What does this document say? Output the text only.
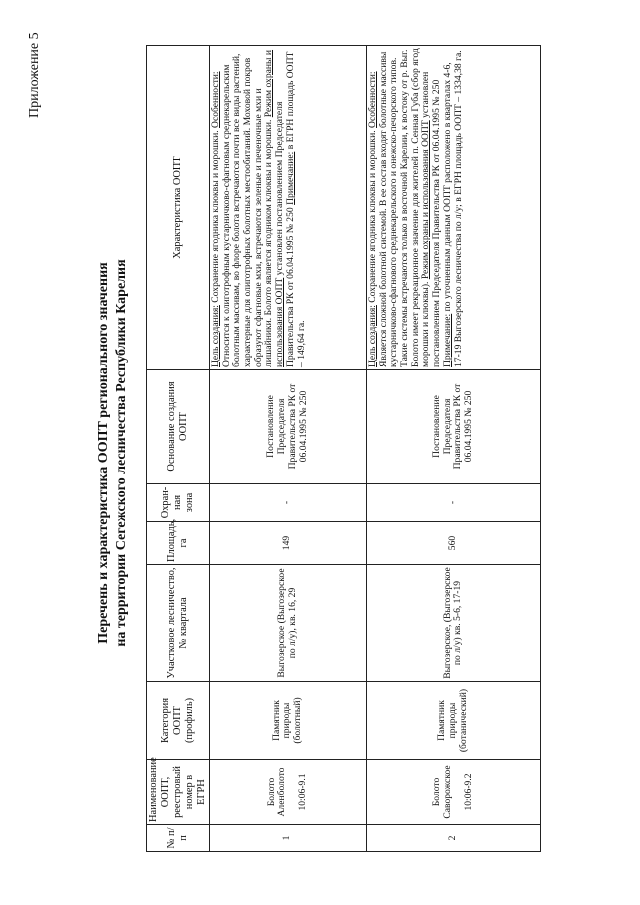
Приложение 5
Перечень и характеристика ООПТ регионального значения на территории Сегежского лесничества Республики Карелия
№ п/п	Наименование ООПТ, реестровый номер в ЕГРН	Категория ООПТ (профиль)	Участковое лесничество, № квартала	Площадь, га	Охран-ная зона	Основание создания ООПТ	Характеристика ООПТ
1	Болото Аленболото 10:06-9.1	Памятник природы (болотный)	Выгозерское (Выгозерское по л/у), кв. 16, 29	149	-	Постановление Председателя Правительства РК от 06.04.1995 № 250	Цель создания: Сохранение ягодника клюквы и морошки. Особенности: Относится к олиготрофным кустарничково-сфагновым среднекарельским болотным массивам, во флоре болота встречаются почти все виды растений, характерные для олиготрофных болотных местообитаний. Моховой покров образуют сфагновые мхи, встречаются зеленые и печеночные мхи и лишайники. Болото является ягодником клюквы и морошки. Режим охраны и использования ООПТ установлен постановлением Председателя Правительства РК от 06.04.1995 № 250 Примечание: в ЕГРН площадь ООПТ – 149,64 га.
2	Болото Саворожское 10:06-9.2	Памятник природы (ботанический)	Выгозерское, (Выгозерское по л/у) кв. 5-6, 17-19	560	-	Постановление Председателя Правительства РК от 06.04.1995 № 250	Цель создания: Сохранение ягодника клюквы и морошки. Особенности: Является сложной болотной системой. В ее состав входят болотные массивы кустарничково-сфагнового среднекарельского и онежско-печорского типов. Такие системы встречаются только в восточной Карелии, к востоку от р. Выг. Болото имеет рекреационное значение для жителей п. Сенная Губа (сбор ягод морошки и клюквы). Режим охраны и использования ООПТ установлен постановлением Председателя Правительства РК от 06.04.1995 № 250 Примечание: по уточненным данным ООПТ расположено в кварталах 4-6, 17-19 Выгозерского лесничества по л/у; в ЕГРН площадь ООПТ – 1334,38 га.
